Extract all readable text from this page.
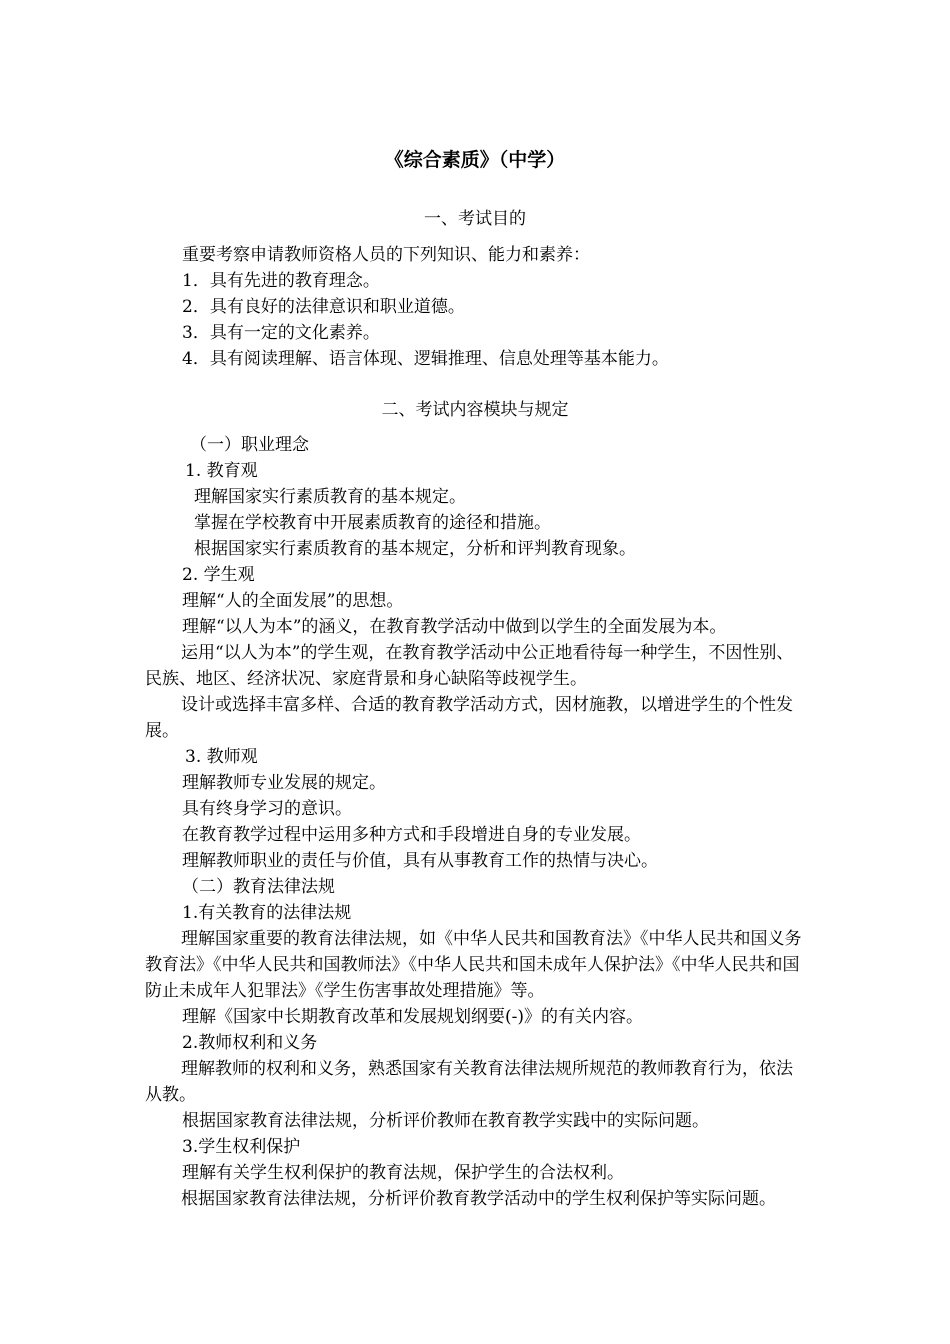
《综合素质》（中学）
一、考试目的
重要考察申请教师资格人员的下列知识、能力和素养：
1．具有先进的教育理念。
2．具有良好的法律意识和职业道德。
3．具有一定的文化素养。
4．具有阅读理解、语言体现、逻辑推理、信息处理等基本能力。
二、考试内容模块与规定
（一）职业理念
1. 教育观
理解国家实行素质教育的基本规定。
掌握在学校教育中开展素质教育的途径和措施。
根据国家实行素质教育的基本规定，分析和评判教育现象。
2. 学生观
理解“人的全面发展”的思想。
理解“以人为本”的涵义，在教育教学活动中做到以学生的全面发展为本。
运用“以人为本”的学生观，在教育教学活动中公正地看待每一种学生，不因性别、民族、地区、经济状况、家庭背景和身心缺陷等歧视学生。
设计或选择丰富多样、合适的教育教学活动方式，因材施教，以增进学生的个性发展。
3. 教师观
理解教师专业发展的规定。
具有终身学习的意识。
在教育教学过程中运用多种方式和手段增进自身的专业发展。
理解教师职业的责任与价值，具有从事教育工作的热情与决心。
（二）教育法律法规
1.有关教育的法律法规
理解国家重要的教育法律法规，如《中华人民共和国教育法》《中华人民共和国义务教育法》《中华人民共和国教师法》《中华人民共和国未成年人保护法》《中华人民共和国防止未成年人犯罪法》《学生伤害事故处理措施》等。
理解《国家中长期教育改革和发展规划纲要(-)》的有关内容。
2.教师权利和义务
理解教师的权利和义务，熟悉国家有关教育法律法规所规范的教师教育行为，依法从教。
根据国家教育法律法规，分析评价教师在教育教学实践中的实际问题。
3.学生权利保护
理解有关学生权利保护的教育法规，保护学生的合法权利。
根据国家教育法律法规，分析评价教育教学活动中的学生权利保护等实际问题。
